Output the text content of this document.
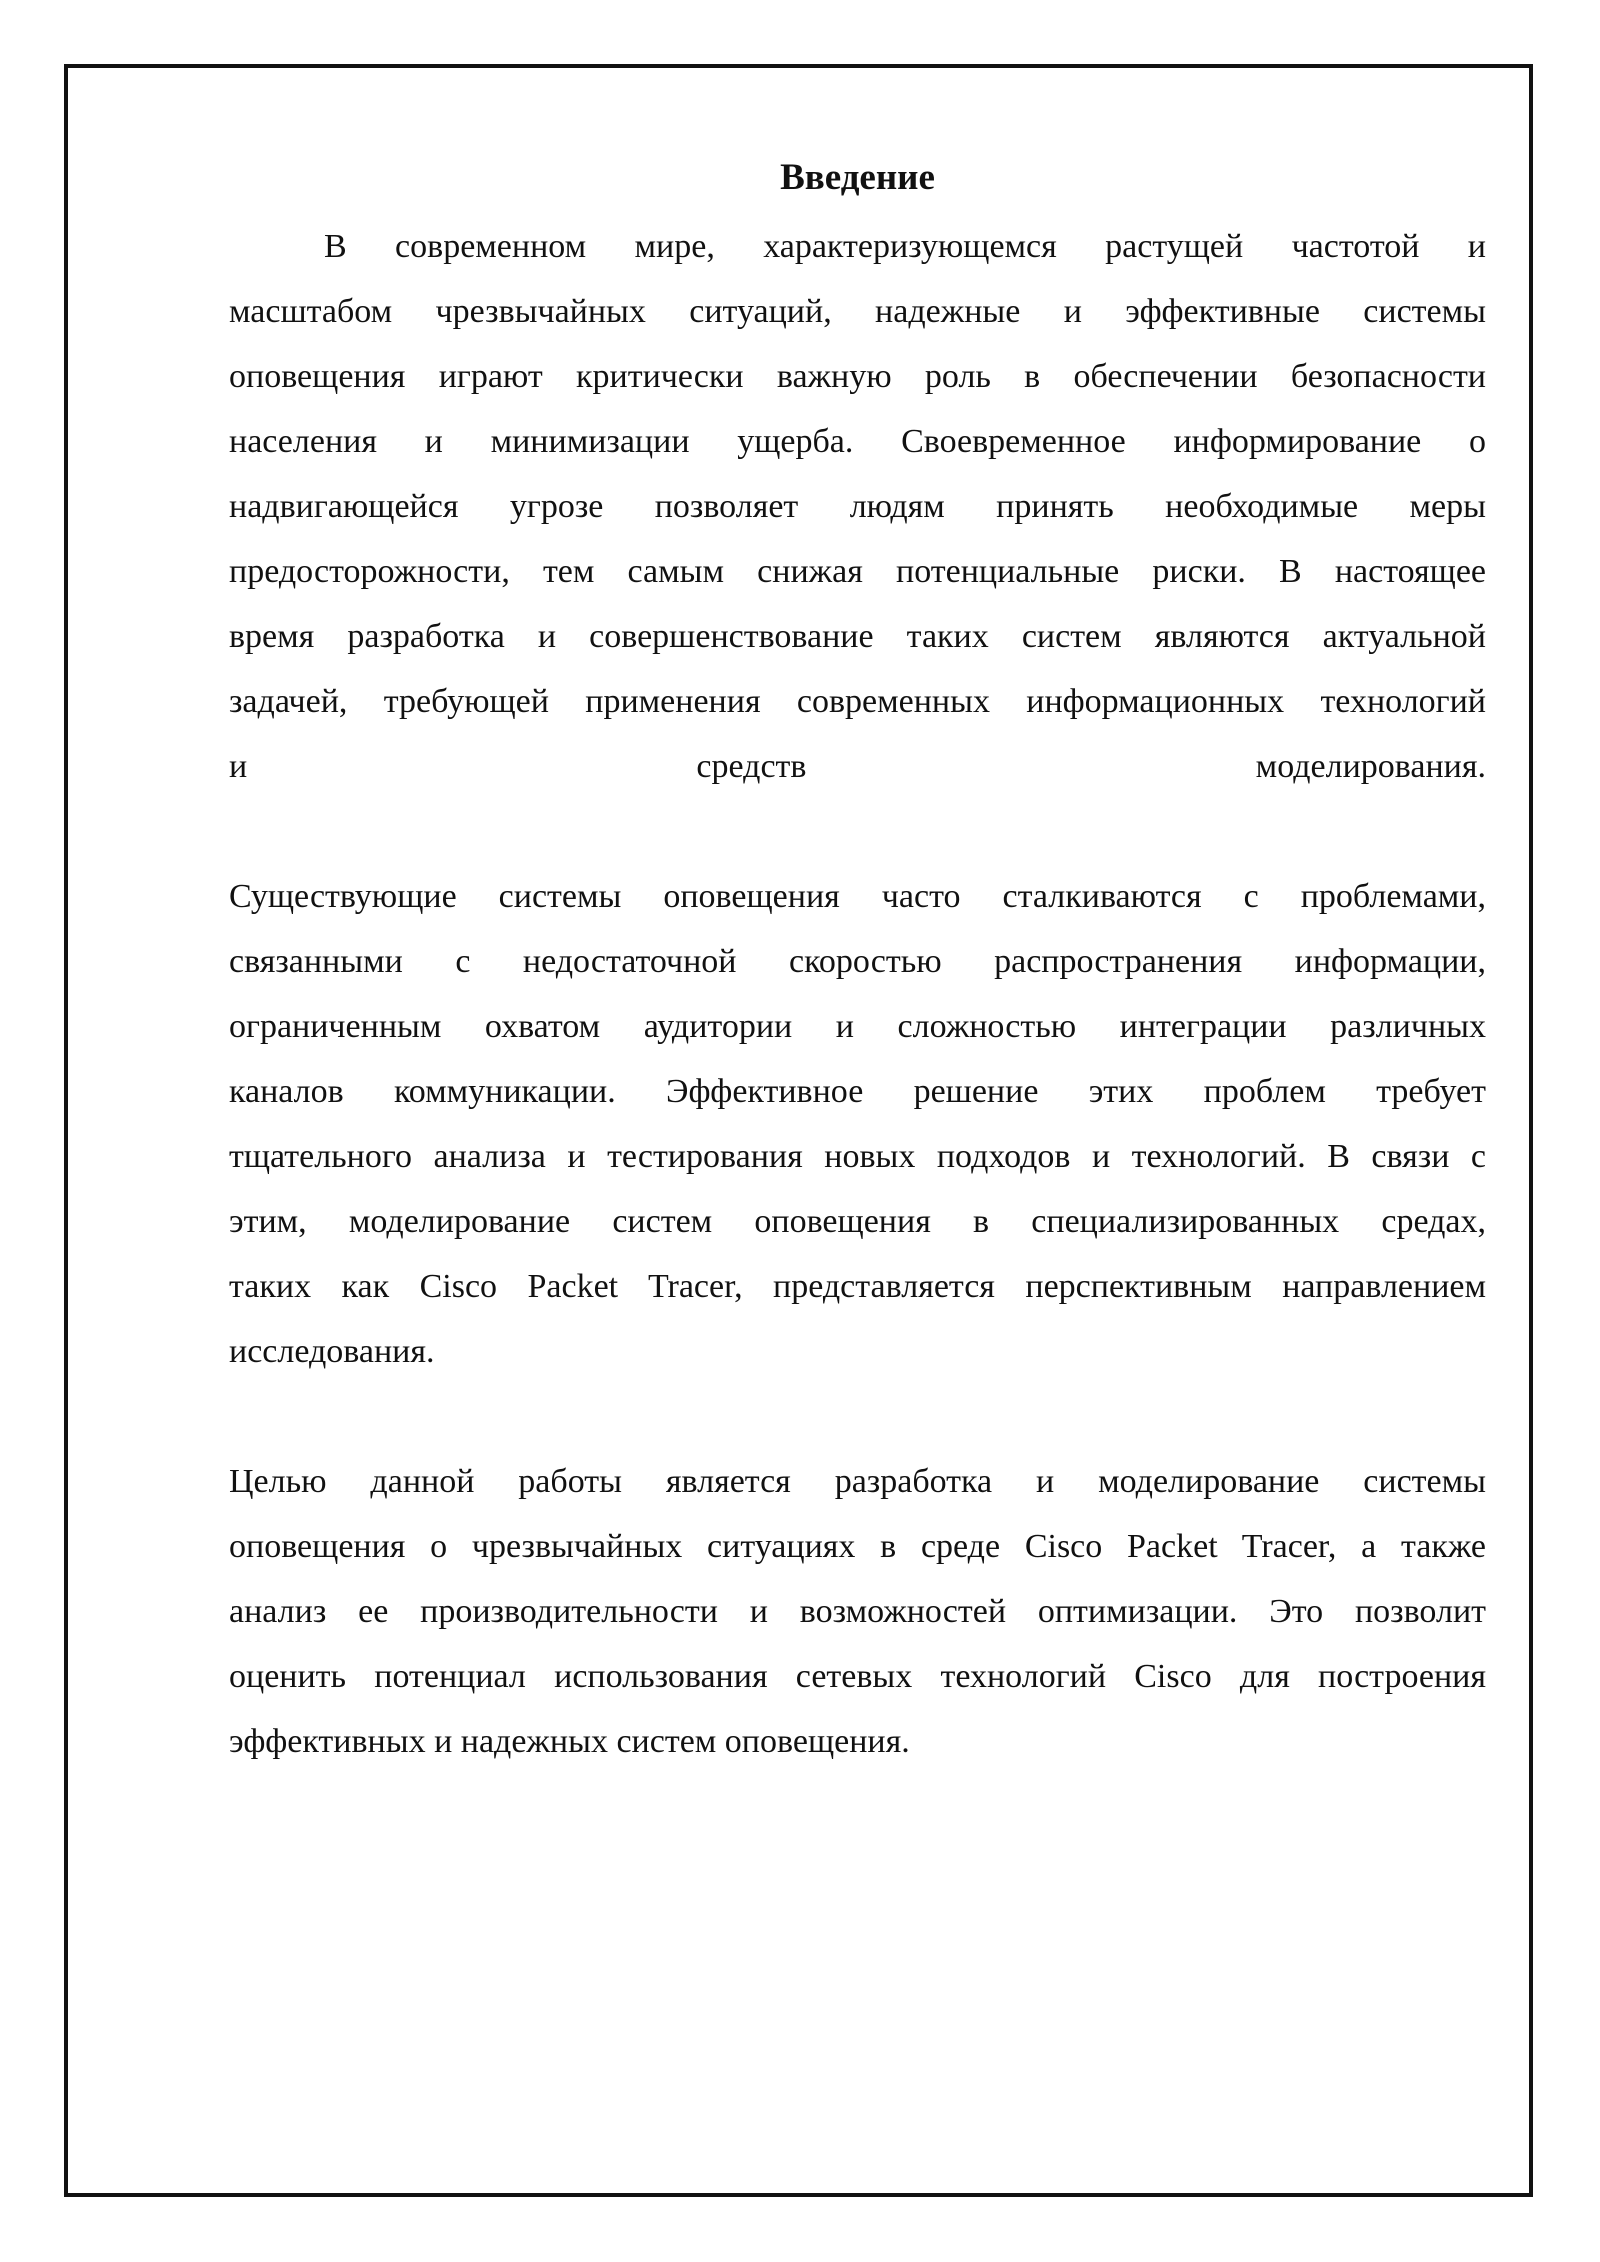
Введение

В современном мире, характеризующемся растущей частотой и
масштабом чрезвычайных ситуаций, надежные и эффективные системы
оповещения играют критически важную роль в обеспечении безопасности
населения и минимизации ущерба. Своевременное информирование о
надвигающейся угрозе позволяет людям принять необходимые меры
предосторожности, тем самым снижая потенциальные риски. В настоящее
время разработка и совершенствование таких систем являются актуальной
задачей, требующей применения современных информационных технологий
и средств моделирования.

Существующие системы оповещения часто сталкиваются с проблемами,
связанными с недостаточной скоростью распространения информации,
ограниченным охватом аудитории и сложностью интеграции различных
каналов коммуникации. Эффективное решение этих проблем требует
тщательного анализа и тестирования новых подходов и технологий. В связи с
этим, моделирование систем оповещения в специализированных средах,
таких как Cisco Packet Tracer, представляется перспективным направлением
исследования.

Целью данной работы является разработка и моделирование системы
оповещения о чрезвычайных ситуациях в среде Cisco Packet Tracer, а также
анализ ее производительности и возможностей оптимизации. Это позволит
оценить потенциал использования сетевых технологий Cisco для построения
эффективных и надежных систем оповещения.
